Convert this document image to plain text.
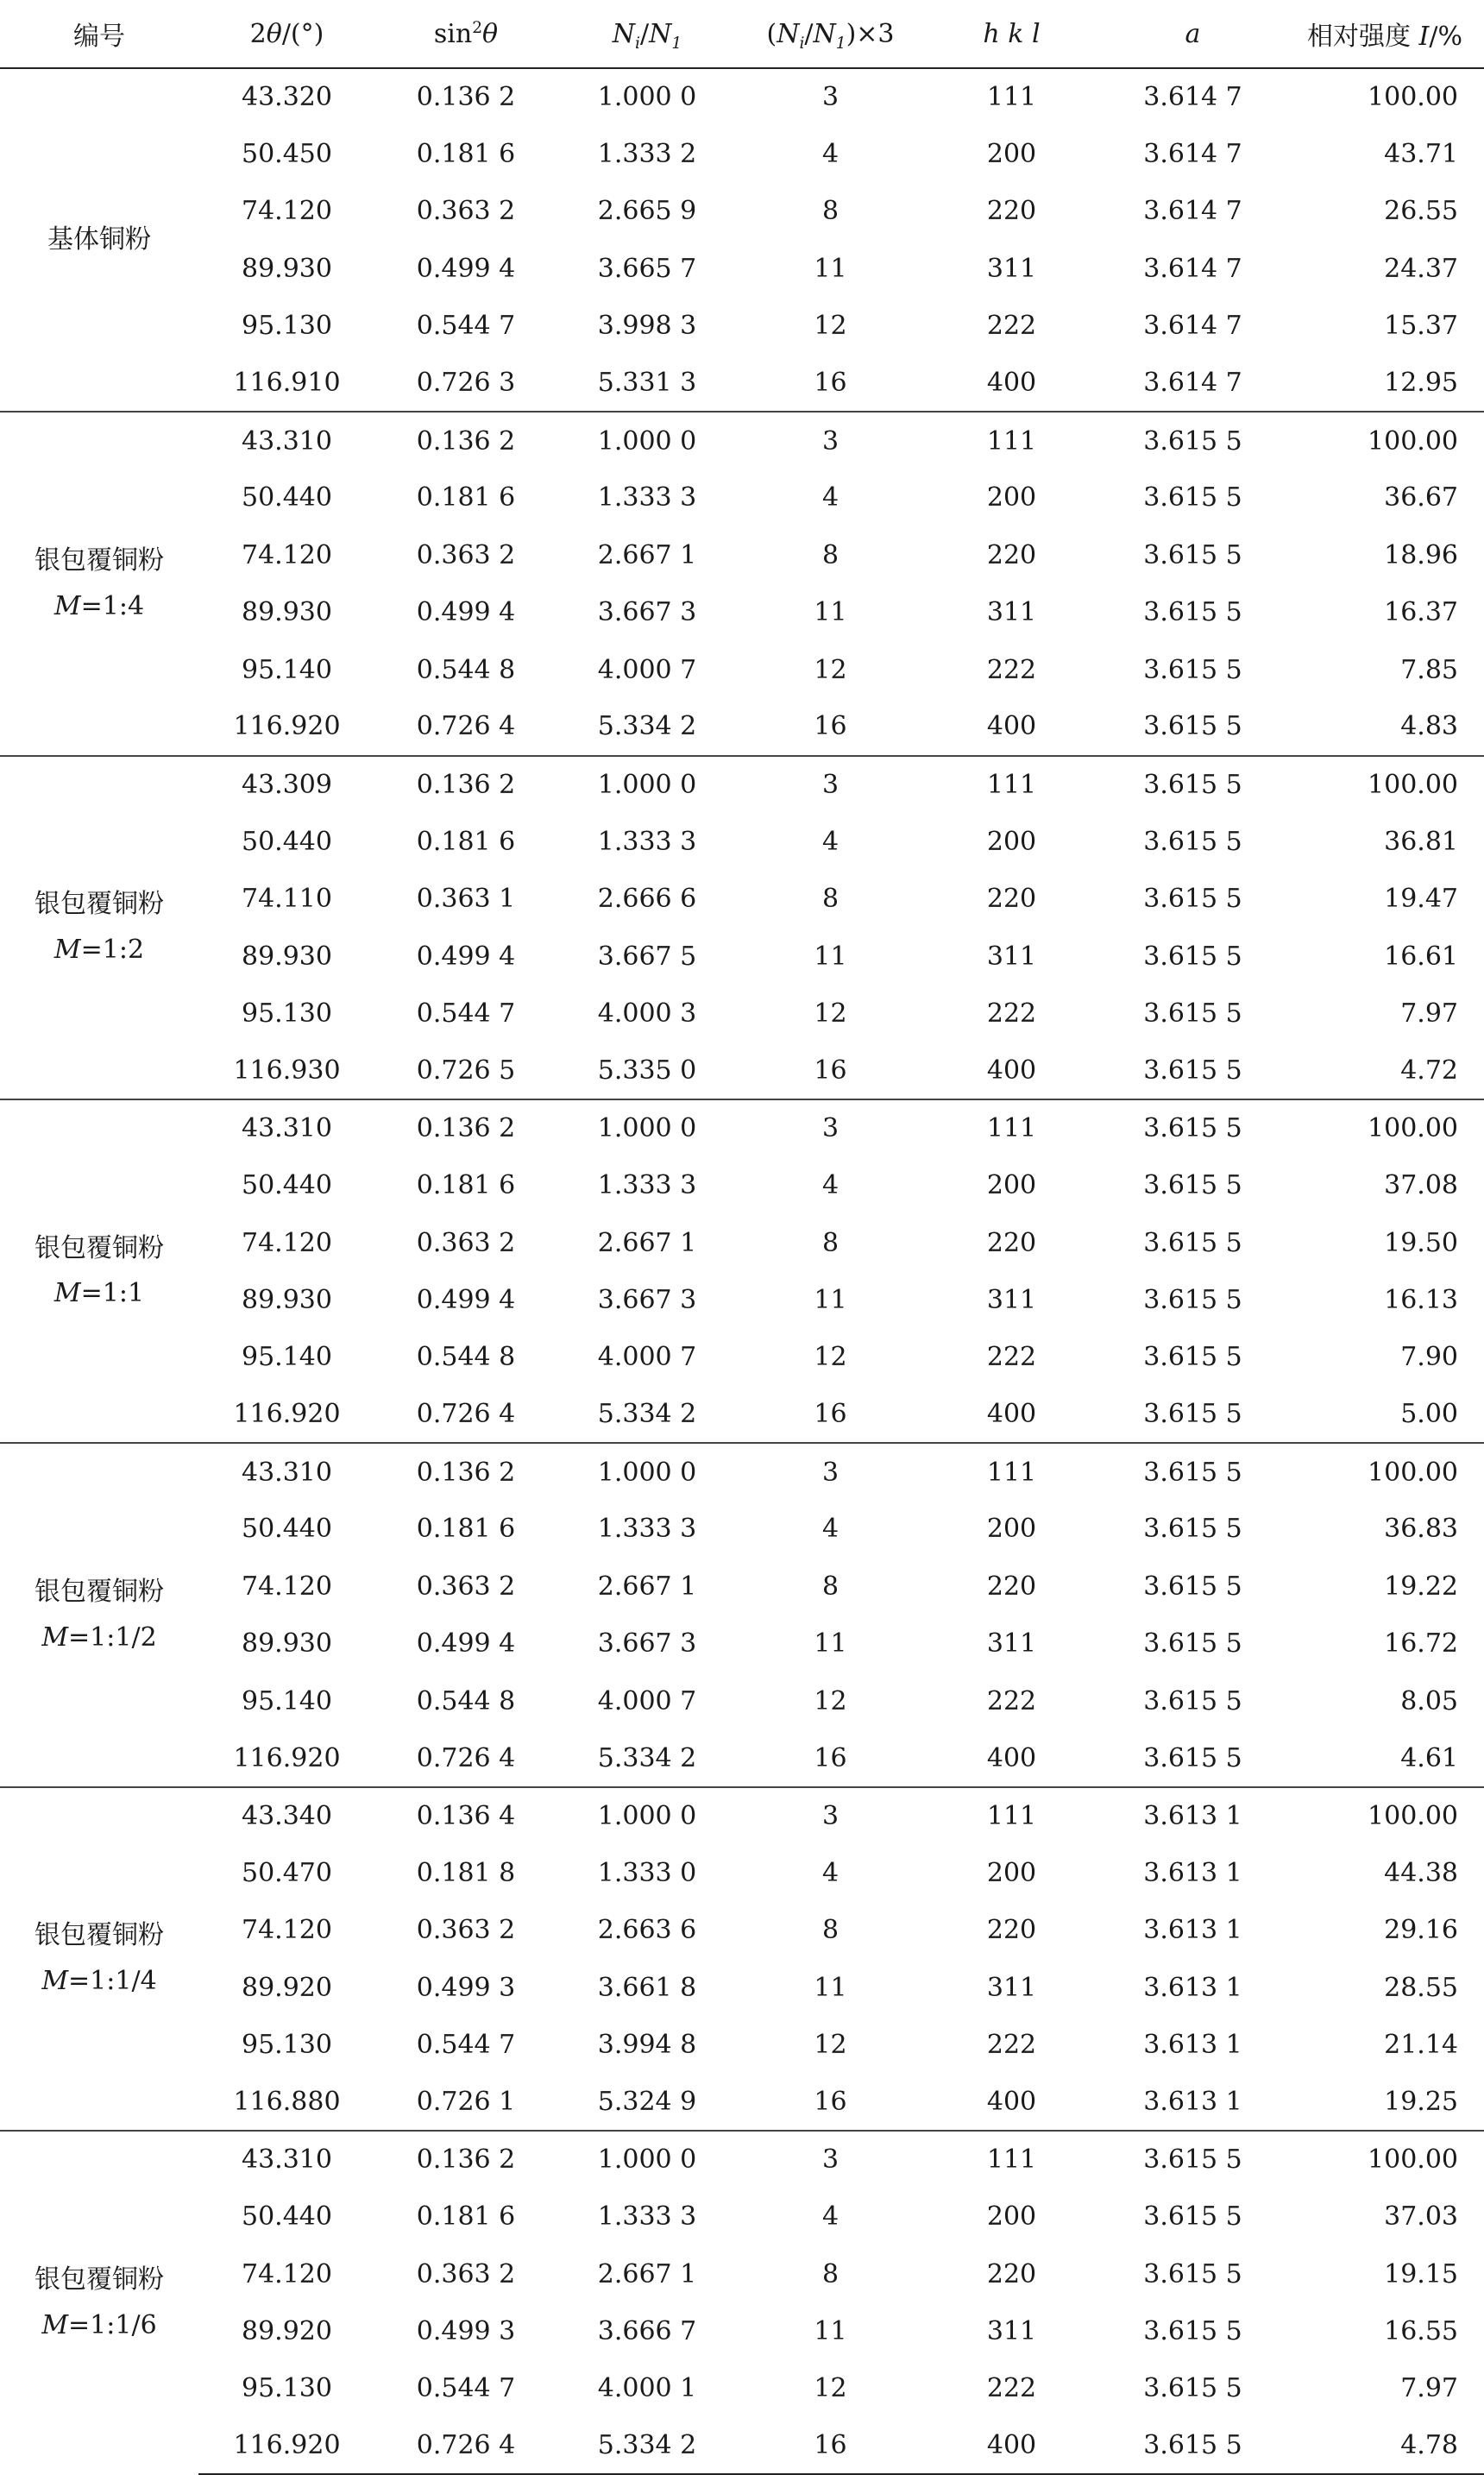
编号	2θ/(°)	$\sin^2\theta$	$N_i/N_1$	$(N_i/N_1)\times 3$	h k l	a	相对强度 I/%

基体铜粉	43.320	0.136 2	1.000 0	3	111	3.614 7	100.00
	50.450	0.181 6	1.333 2	4	200	3.614 7	43.71
	74.120	0.363 2	2.665 9	8	220	3.614 7	26.55
	89.930	0.499 4	3.665 7	11	311	3.614 7	24.37
	95.130	0.544 7	3.998 3	12	222	3.614 7	15.37
	116.910	0.726 3	5.331 3	16	400	3.614 7	12.95

银包覆铜粉
M=1:4	43.310	0.136 2	1.000 0	3	111	3.615 5	100.00
	50.440	0.181 6	1.333 3	4	200	3.615 5	36.67
	74.120	0.363 2	2.667 1	8	220	3.615 5	18.96
	89.930	0.499 4	3.667 3	11	311	3.615 5	16.37
	95.140	0.544 8	4.000 7	12	222	3.615 5	7.85
	116.920	0.726 4	5.334 2	16	400	3.615 5	4.83

银包覆铜粉
M=1:2	43.309	0.136 2	1.000 0	3	111	3.615 5	100.00
	50.440	0.181 6	1.333 3	4	200	3.615 5	36.81
	74.110	0.363 1	2.666 6	8	220	3.615 5	19.47
	89.930	0.499 4	3.667 5	11	311	3.615 5	16.61
	95.130	0.544 7	4.000 3	12	222	3.615 5	7.97
	116.930	0.726 5	5.335 0	16	400	3.615 5	4.72

银包覆铜粉
M=1:1	43.310	0.136 2	1.000 0	3	111	3.615 5	100.00
	50.440	0.181 6	1.333 3	4	200	3.615 5	37.08
	74.120	0.363 2	2.667 1	8	220	3.615 5	19.50
	89.930	0.499 4	3.667 3	11	311	3.615 5	16.13
	95.140	0.544 8	4.000 7	12	222	3.615 5	7.90
	116.920	0.726 4	5.334 2	16	400	3.615 5	5.00

银包覆铜粉
M=1:1/2	43.310	0.136 2	1.000 0	3	111	3.615 5	100.00
	50.440	0.181 6	1.333 3	4	200	3.615 5	36.83
	74.120	0.363 2	2.667 1	8	220	3.615 5	19.22
	89.930	0.499 4	3.667 3	11	311	3.615 5	16.72
	95.140	0.544 8	4.000 7	12	222	3.615 5	8.05
	116.920	0.726 4	5.334 2	16	400	3.615 5	4.61

银包覆铜粉
M=1:1/4	43.340	0.136 4	1.000 0	3	111	3.613 1	100.00
	50.470	0.181 8	1.333 0	4	200	3.613 1	44.38
	74.120	0.363 2	2.663 6	8	220	3.613 1	29.16
	89.920	0.499 3	3.661 8	11	311	3.613 1	28.55
	95.130	0.544 7	3.994 8	12	222	3.613 1	21.14
	116.880	0.726 1	5.324 9	16	400	3.613 1	19.25

银包覆铜粉
M=1:1/6	43.310	0.136 2	1.000 0	3	111	3.615 5	100.00
	50.440	0.181 6	1.333 3	4	200	3.615 5	37.03
	74.120	0.363 2	2.667 1	8	220	3.615 5	19.15
	89.920	0.499 3	3.666 7	11	311	3.615 5	16.55
	95.130	0.544 7	4.000 1	12	222	3.615 5	7.97
	116.920	0.726 4	5.334 2	16	400	3.615 5	4.78
